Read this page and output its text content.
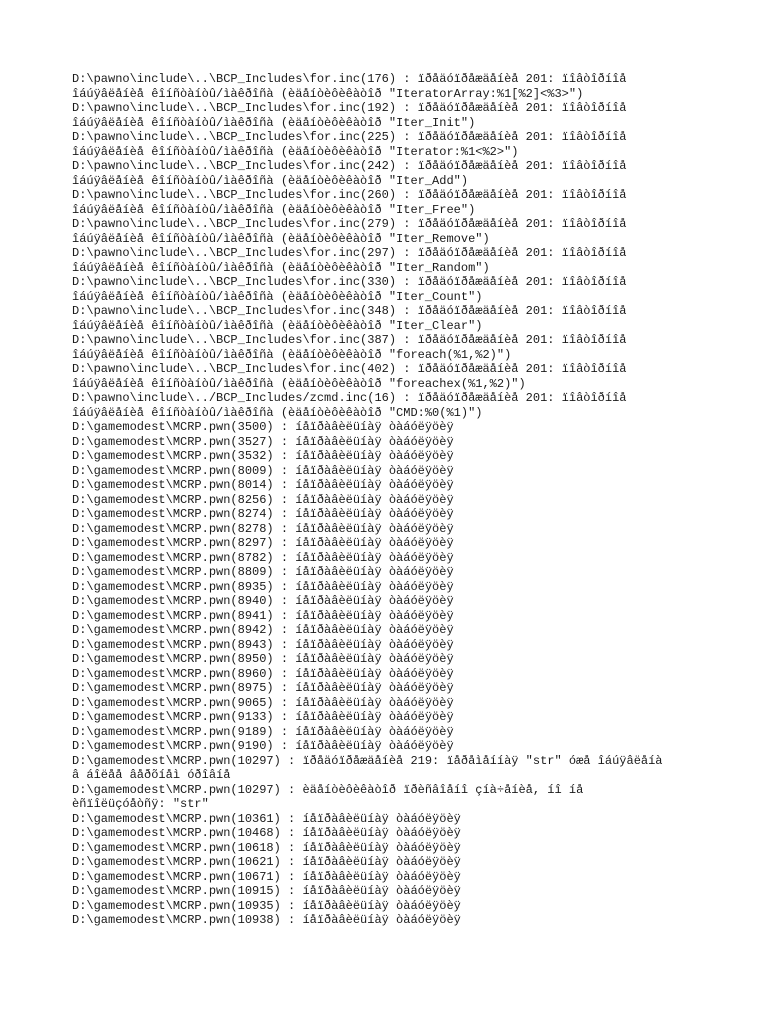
D:\pawno\include\..\BCP_Includes\for.inc(176) : ïðåäóïðåæäåíèå 201: ïîâòîðíîå
îáúÿâëåíèå êîíñòàíòû/ìàêðîñà (èäåíòèôèêàòîð "IteratorArray:%1[%2]<%3>")
D:\pawno\include\..\BCP_Includes\for.inc(192) : ïðåäóïðåæäåíèå 201: ïîâòîðíîå
îáúÿâëåíèå êîíñòàíòû/ìàêðîñà (èäåíòèôèêàòîð "Iter_Init")
D:\pawno\include\..\BCP_Includes\for.inc(225) : ïðåäóïðåæäåíèå 201: ïîâòîðíîå
îáúÿâëåíèå êîíñòàíòû/ìàêðîñà (èäåíòèôèêàòîð "Iterator:%1<%2>")
D:\pawno\include\..\BCP_Includes\for.inc(242) : ïðåäóïðåæäåíèå 201: ïîâòîðíîå
îáúÿâëåíèå êîíñòàíòû/ìàêðîñà (èäåíòèôèêàòîð "Iter_Add")
D:\pawno\include\..\BCP_Includes\for.inc(260) : ïðåäóïðåæäåíèå 201: ïîâòîðíîå
îáúÿâëåíèå êîíñòàíòû/ìàêðîñà (èäåíòèôèêàòîð "Iter_Free")
D:\pawno\include\..\BCP_Includes\for.inc(279) : ïðåäóïðåæäåíèå 201: ïîâòîðíîå
îáúÿâëåíèå êîíñòàíòû/ìàêðîñà (èäåíòèôèêàòîð "Iter_Remove")
D:\pawno\include\..\BCP_Includes\for.inc(297) : ïðåäóïðåæäåíèå 201: ïîâòîðíîå
îáúÿâëåíèå êîíñòàíòû/ìàêðîñà (èäåíòèôèêàòîð "Iter_Random")
D:\pawno\include\..\BCP_Includes\for.inc(330) : ïðåäóïðåæäåíèå 201: ïîâòîðíîå
îáúÿâëåíèå êîíñòàíòû/ìàêðîñà (èäåíòèôèêàòîð "Iter_Count")
D:\pawno\include\..\BCP_Includes\for.inc(348) : ïðåäóïðåæäåíèå 201: ïîâòîðíîå
îáúÿâëåíèå êîíñòàíòû/ìàêðîñà (èäåíòèôèêàòîð "Iter_Clear")
D:\pawno\include\..\BCP_Includes\for.inc(387) : ïðåäóïðåæäåíèå 201: ïîâòîðíîå
îáúÿâëåíèå êîíñòàíòû/ìàêðîñà (èäåíòèôèêàòîð "foreach(%1,%2)")
D:\pawno\include\..\BCP_Includes\for.inc(402) : ïðåäóïðåæäåíèå 201: ïîâòîðíîå
îáúÿâëåíèå êîíñòàíòû/ìàêðîñà (èäåíòèôèêàòîð "foreachex(%1,%2)")
D:\pawno\include\../BCP_Includes/zcmd.inc(16) : ïðåäóïðåæäåíèå 201: ïîâòîðíîå
îáúÿâëåíèå êîíñòàíòû/ìàêðîñà (èäåíòèôèêàòîð "CMD:%0(%1)")
D:\gamemodest\MCRP.pwn(3500) : íåïðàâèëüíàÿ òàáóëÿöèÿ
D:\gamemodest\MCRP.pwn(3527) : íåïðàâèëüíàÿ òàáóëÿöèÿ
D:\gamemodest\MCRP.pwn(3532) : íåïðàâèëüíàÿ òàáóëÿöèÿ
D:\gamemodest\MCRP.pwn(8009) : íåïðàâèëüíàÿ òàáóëÿöèÿ
D:\gamemodest\MCRP.pwn(8014) : íåïðàâèëüíàÿ òàáóëÿöèÿ
D:\gamemodest\MCRP.pwn(8256) : íåïðàâèëüíàÿ òàáóëÿöèÿ
D:\gamemodest\MCRP.pwn(8274) : íåïðàâèëüíàÿ òàáóëÿöèÿ
D:\gamemodest\MCRP.pwn(8278) : íåïðàâèëüíàÿ òàáóëÿöèÿ
D:\gamemodest\MCRP.pwn(8297) : íåïðàâèëüíàÿ òàáóëÿöèÿ
D:\gamemodest\MCRP.pwn(8782) : íåïðàâèëüíàÿ òàáóëÿöèÿ
D:\gamemodest\MCRP.pwn(8809) : íåïðàâèëüíàÿ òàáóëÿöèÿ
D:\gamemodest\MCRP.pwn(8935) : íåïðàâèëüíàÿ òàáóëÿöèÿ
D:\gamemodest\MCRP.pwn(8940) : íåïðàâèëüíàÿ òàáóëÿöèÿ
D:\gamemodest\MCRP.pwn(8941) : íåïðàâèëüíàÿ òàáóëÿöèÿ
D:\gamemodest\MCRP.pwn(8942) : íåïðàâèëüíàÿ òàáóëÿöèÿ
D:\gamemodest\MCRP.pwn(8943) : íåïðàâèëüíàÿ òàáóëÿöèÿ
D:\gamemodest\MCRP.pwn(8950) : íåïðàâèëüíàÿ òàáóëÿöèÿ
D:\gamemodest\MCRP.pwn(8960) : íåïðàâèëüíàÿ òàáóëÿöèÿ
D:\gamemodest\MCRP.pwn(8975) : íåïðàâèëüíàÿ òàáóëÿöèÿ
D:\gamemodest\MCRP.pwn(9065) : íåïðàâèëüíàÿ òàáóëÿöèÿ
D:\gamemodest\MCRP.pwn(9133) : íåïðàâèëüíàÿ òàáóëÿöèÿ
D:\gamemodest\MCRP.pwn(9189) : íåïðàâèëüíàÿ òàáóëÿöèÿ
D:\gamemodest\MCRP.pwn(9190) : íåïðàâèëüíàÿ òàáóëÿöèÿ
D:\gamemodest\MCRP.pwn(10297) : ïðåäóïðåæäåíèå 219: ïåðåìåííàÿ "str" óæå îáúÿâëåíà
â áîëåå âåðõíåì óðîâíå
D:\gamemodest\MCRP.pwn(10297) : èäåíòèôèêàòîð ïðèñâîåíî çíà÷åíèå, íî íå
èñïîëüçóåòñÿ: "str"
D:\gamemodest\MCRP.pwn(10361) : íåïðàâèëüíàÿ òàáóëÿöèÿ
D:\gamemodest\MCRP.pwn(10468) : íåïðàâèëüíàÿ òàáóëÿöèÿ
D:\gamemodest\MCRP.pwn(10618) : íåïðàâèëüíàÿ òàáóëÿöèÿ
D:\gamemodest\MCRP.pwn(10621) : íåïðàâèëüíàÿ òàáóëÿöèÿ
D:\gamemodest\MCRP.pwn(10671) : íåïðàâèëüíàÿ òàáóëÿöèÿ
D:\gamemodest\MCRP.pwn(10915) : íåïðàâèëüíàÿ òàáóëÿöèÿ
D:\gamemodest\MCRP.pwn(10935) : íåïðàâèëüíàÿ òàáóëÿöèÿ
D:\gamemodest\MCRP.pwn(10938) : íåïðàâèëüíàÿ òàáóëÿöèÿ
